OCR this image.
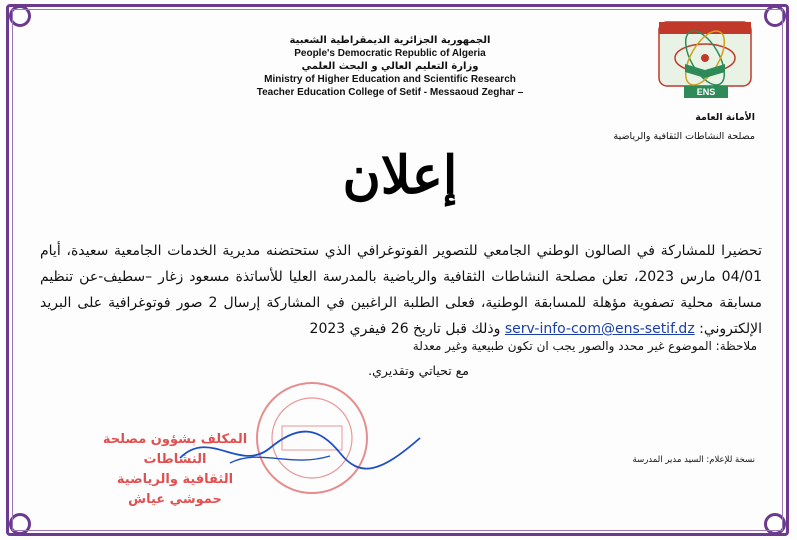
الجمهورية الجزائرية الديمقراطية الشعبية
People's Democratic Republic of Algeria
وزارة التعليم العالي و البحث العلمي
Ministry of Higher Education and Scientific Research
Teacher Education College of Setif - Messaoud Zeghar –	ENS
الأمانة العامة
مصلحة النشاطات الثقافية والرياضية
إعلان
تحضيرا للمشاركة في الصالون الوطني الجامعي للتصوير الفوتوغرافي الذي ستحتضنه مديرية الخدمات الجامعية سعيدة، أيام 04/01 مارس 2023، تعلن مصلحة النشاطات الثقافية والرياضية بالمدرسة العليا للأساتذة مسعود زغار –سطيف-عن تنظيم مسابقة محلية تصفوية مؤهلة للمسابقة الوطنية، فعلى الطلبة الراغبين في المشاركة إرسال 2 صور فوتوغرافية على البريد الإلكتروني: serv-info-com@ens-setif.dz وذلك قبل تاريخ 26 فيفري 2023
ملاحظة: الموضوع غير محدد والصور يجب ان تكون طبيعية وغير معدلة
مع تحياتي وتقديري.
المكلف بشؤون مصلحة النشاطات
الثقافية والرياضية
حموشي عياش
نسخة للإعلام: السيد مدير المدرسة
